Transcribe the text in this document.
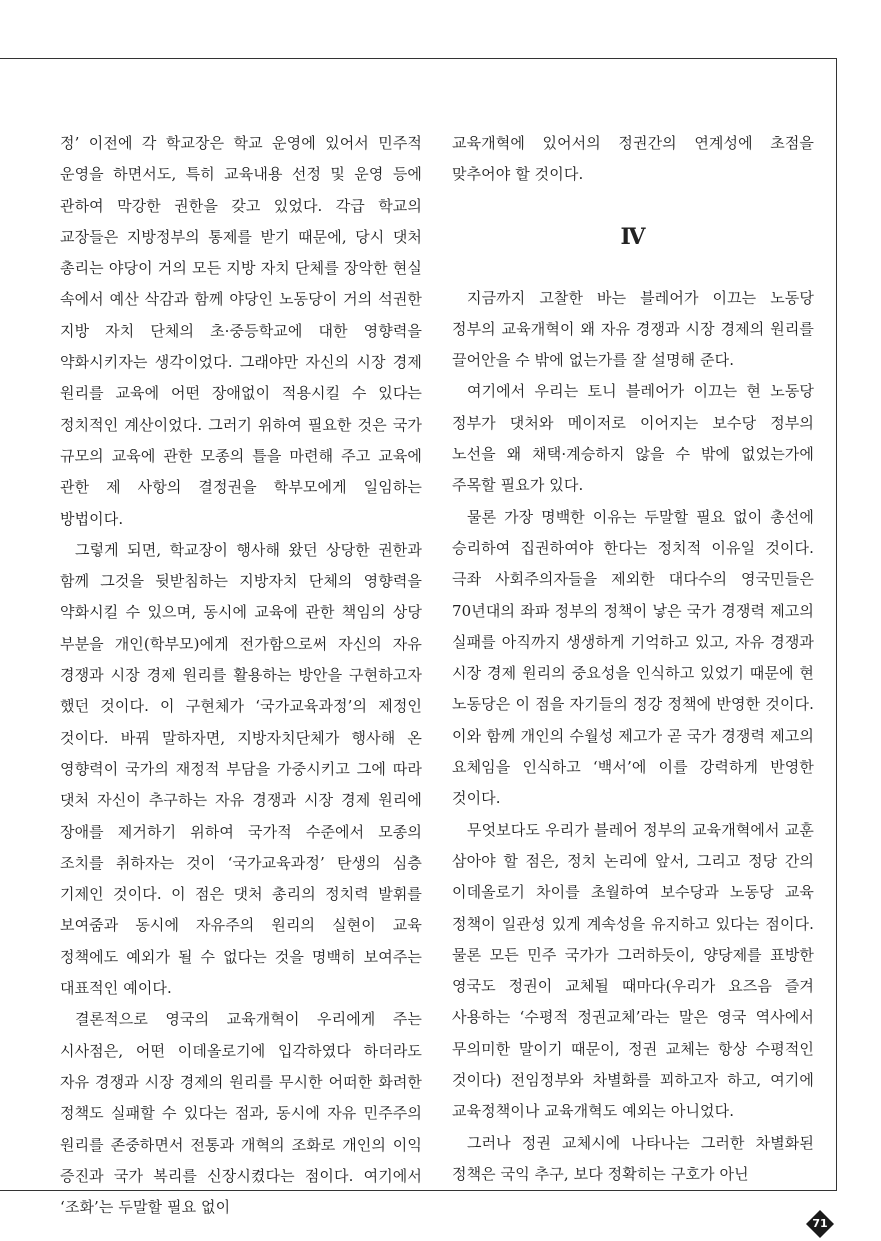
정’ 이전에 각 학교장은 학교 운영에 있어서 민주적 운영을 하면서도, 특히 교육내용 선정 및 운영 등에 관하여 막강한 권한을 갖고 있었다. 각급 학교의 교장들은 지방정부의 통제를 받기 때문에, 당시 댓처 총리는 야당이 거의 모든 지방 자치 단체를 장악한 현실 속에서 예산 삭감과 함께 야당인 노동당이 거의 석권한 지방 자치 단체의 초·중등학교에 대한 영향력을 약화시키자는 생각이었다. 그래야만 자신의 시장 경제 원리를 교육에 어떤 장애없이 적용시킬 수 있다는 정치적인 계산이었다. 그러기 위하여 필요한 것은 국가 규모의 교육에 관한 모종의 틀을 마련해 주고 교육에 관한 제 사항의 결정권을 학부모에게 일임하는 방법이다.

그렇게 되면, 학교장이 행사해 왔던 상당한 권한과 함께 그것을 뒷받침하는 지방자치 단체의 영향력을 약화시킬 수 있으며, 동시에 교육에 관한 책임의 상당 부분을 개인(학부모)에게 전가함으로써 자신의 자유 경쟁과 시장 경제 원리를 활용하는 방안을 구현하고자 했던 것이다. 이 구현체가 ‘국가교육과정’의 제정인 것이다. 바꿔 말하자면, 지방자치단체가 행사해 온 영향력이 국가의 재정적 부담을 가중시키고 그에 따라 댓처 자신이 추구하는 자유 경쟁과 시장 경제 원리에 장애를 제거하기 위하여 국가적 수준에서 모종의 조치를 취하자는 것이 ‘국가교육과정’ 탄생의 심층 기제인 것이다. 이 점은 댓처 총리의 정치력 발휘를 보여줌과 동시에 자유주의 원리의 실현이 교육 정책에도 예외가 될 수 없다는 것을 명백히 보여주는 대표적인 예이다.

결론적으로 영국의 교육개혁이 우리에게 주는 시사점은, 어떤 이데올로기에 입각하였다 하더라도 자유 경쟁과 시장 경제의 원리를 무시한 어떠한 화려한 정책도 실패할 수 있다는 점과, 동시에 자유 민주주의 원리를 존중하면서 전통과 개혁의 조화로 개인의 이익 증진과 국가 복리를 신장시켰다는 점이다. 여기에서 ‘조화’는 두말할 필요 없이

교육개혁에 있어서의 정권간의 연계성에 초점을 맞추어야 할 것이다.

Ⅳ

지금까지 고찰한 바는 블레어가 이끄는 노동당 정부의 교육개혁이 왜 자유 경쟁과 시장 경제의 원리를 끌어안을 수 밖에 없는가를 잘 설명해 준다.

여기에서 우리는 토니 블레어가 이끄는 현 노동당 정부가 댓처와 메이저로 이어지는 보수당 정부의 노선을 왜 채택·계승하지 않을 수 밖에 없었는가에 주목할 필요가 있다.

물론 가장 명백한 이유는 두말할 필요 없이 총선에 승리하여 집권하여야 한다는 정치적 이유일 것이다. 극좌 사회주의자들을 제외한 대다수의 영국민들은 70년대의 좌파 정부의 정책이 낳은 국가 경쟁력 제고의 실패를 아직까지 생생하게 기억하고 있고, 자유 경쟁과 시장 경제 원리의 중요성을 인식하고 있었기 때문에 현 노동당은 이 점을 자기들의 정강 정책에 반영한 것이다. 이와 함께 개인의 수월성 제고가 곧 국가 경쟁력 제고의 요체임을 인식하고 ‘백서’에 이를 강력하게 반영한 것이다.

무엇보다도 우리가 블레어 정부의 교육개혁에서 교훈 삼아야 할 점은, 정치 논리에 앞서, 그리고 정당 간의 이데올로기 차이를 초월하여 보수당과 노동당 교육 정책이 일관성 있게 계속성을 유지하고 있다는 점이다. 물론 모든 민주 국가가 그러하듯이, 양당제를 표방한 영국도 정권이 교체될 때마다(우리가 요즈음 즐겨 사용하는 ‘수평적 정권교체’라는 말은 영국 역사에서 무의미한 말이기 때문이, 정권 교체는 항상 수평적인 것이다) 전임정부와 차별화를 꾀하고자 하고, 여기에 교육정책이나 교육개혁도 예외는 아니었다.

그러나 정권 교체시에 나타나는 그러한 차별화된 정책은 국익 추구, 보다 정확히는 구호가 아닌

71
